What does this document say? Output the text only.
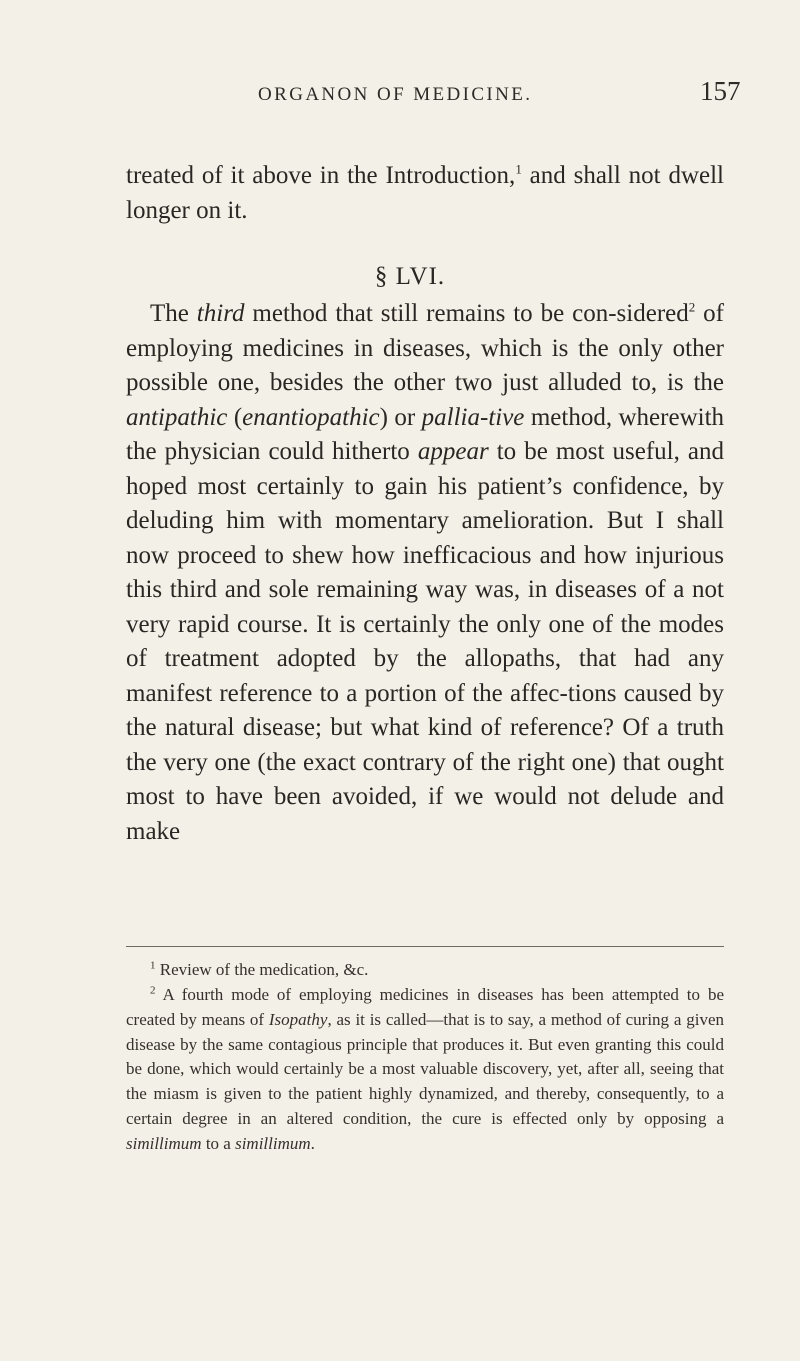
ORGANON OF MEDICINE.	157

treated of it above in the Introduction,$^1$ and shall not dwell longer on it.

§ LVI.

The third method that still remains to be con-sidered$^2$ of employing medicines in diseases, which is the only other possible one, besides the other two just alluded to, is the antipathic (enantiopathic) or pallia-tive method, wherewith the physician could hitherto appear to be most useful, and hoped most certainly to gain his patient’s confidence, by deluding him with momentary amelioration. But I shall now proceed to shew how inefficacious and how injurious this third and sole remaining way was, in diseases of a not very rapid course. It is certainly the only one of the modes of treatment adopted by the allopaths, that had any manifest reference to a portion of the affec-tions caused by the natural disease; but what kind of reference? Of a truth the very one (the exact contrary of the right one) that ought most to have been avoided, if we would not delude and make

$^1$ Review of the medication, &c.

$^2$ A fourth mode of employing medicines in diseases has been attempted to be created by means of Isopathy, as it is called—that is to say, a method of curing a given disease by the same contagious principle that produces it. But even granting this could be done, which would certainly be a most valuable discovery, yet, after all, seeing that the miasm is given to the patient highly dynamized, and thereby, consequently, to a certain degree in an altered condition, the cure is effected only by opposing a simillimum to a simillimum.
